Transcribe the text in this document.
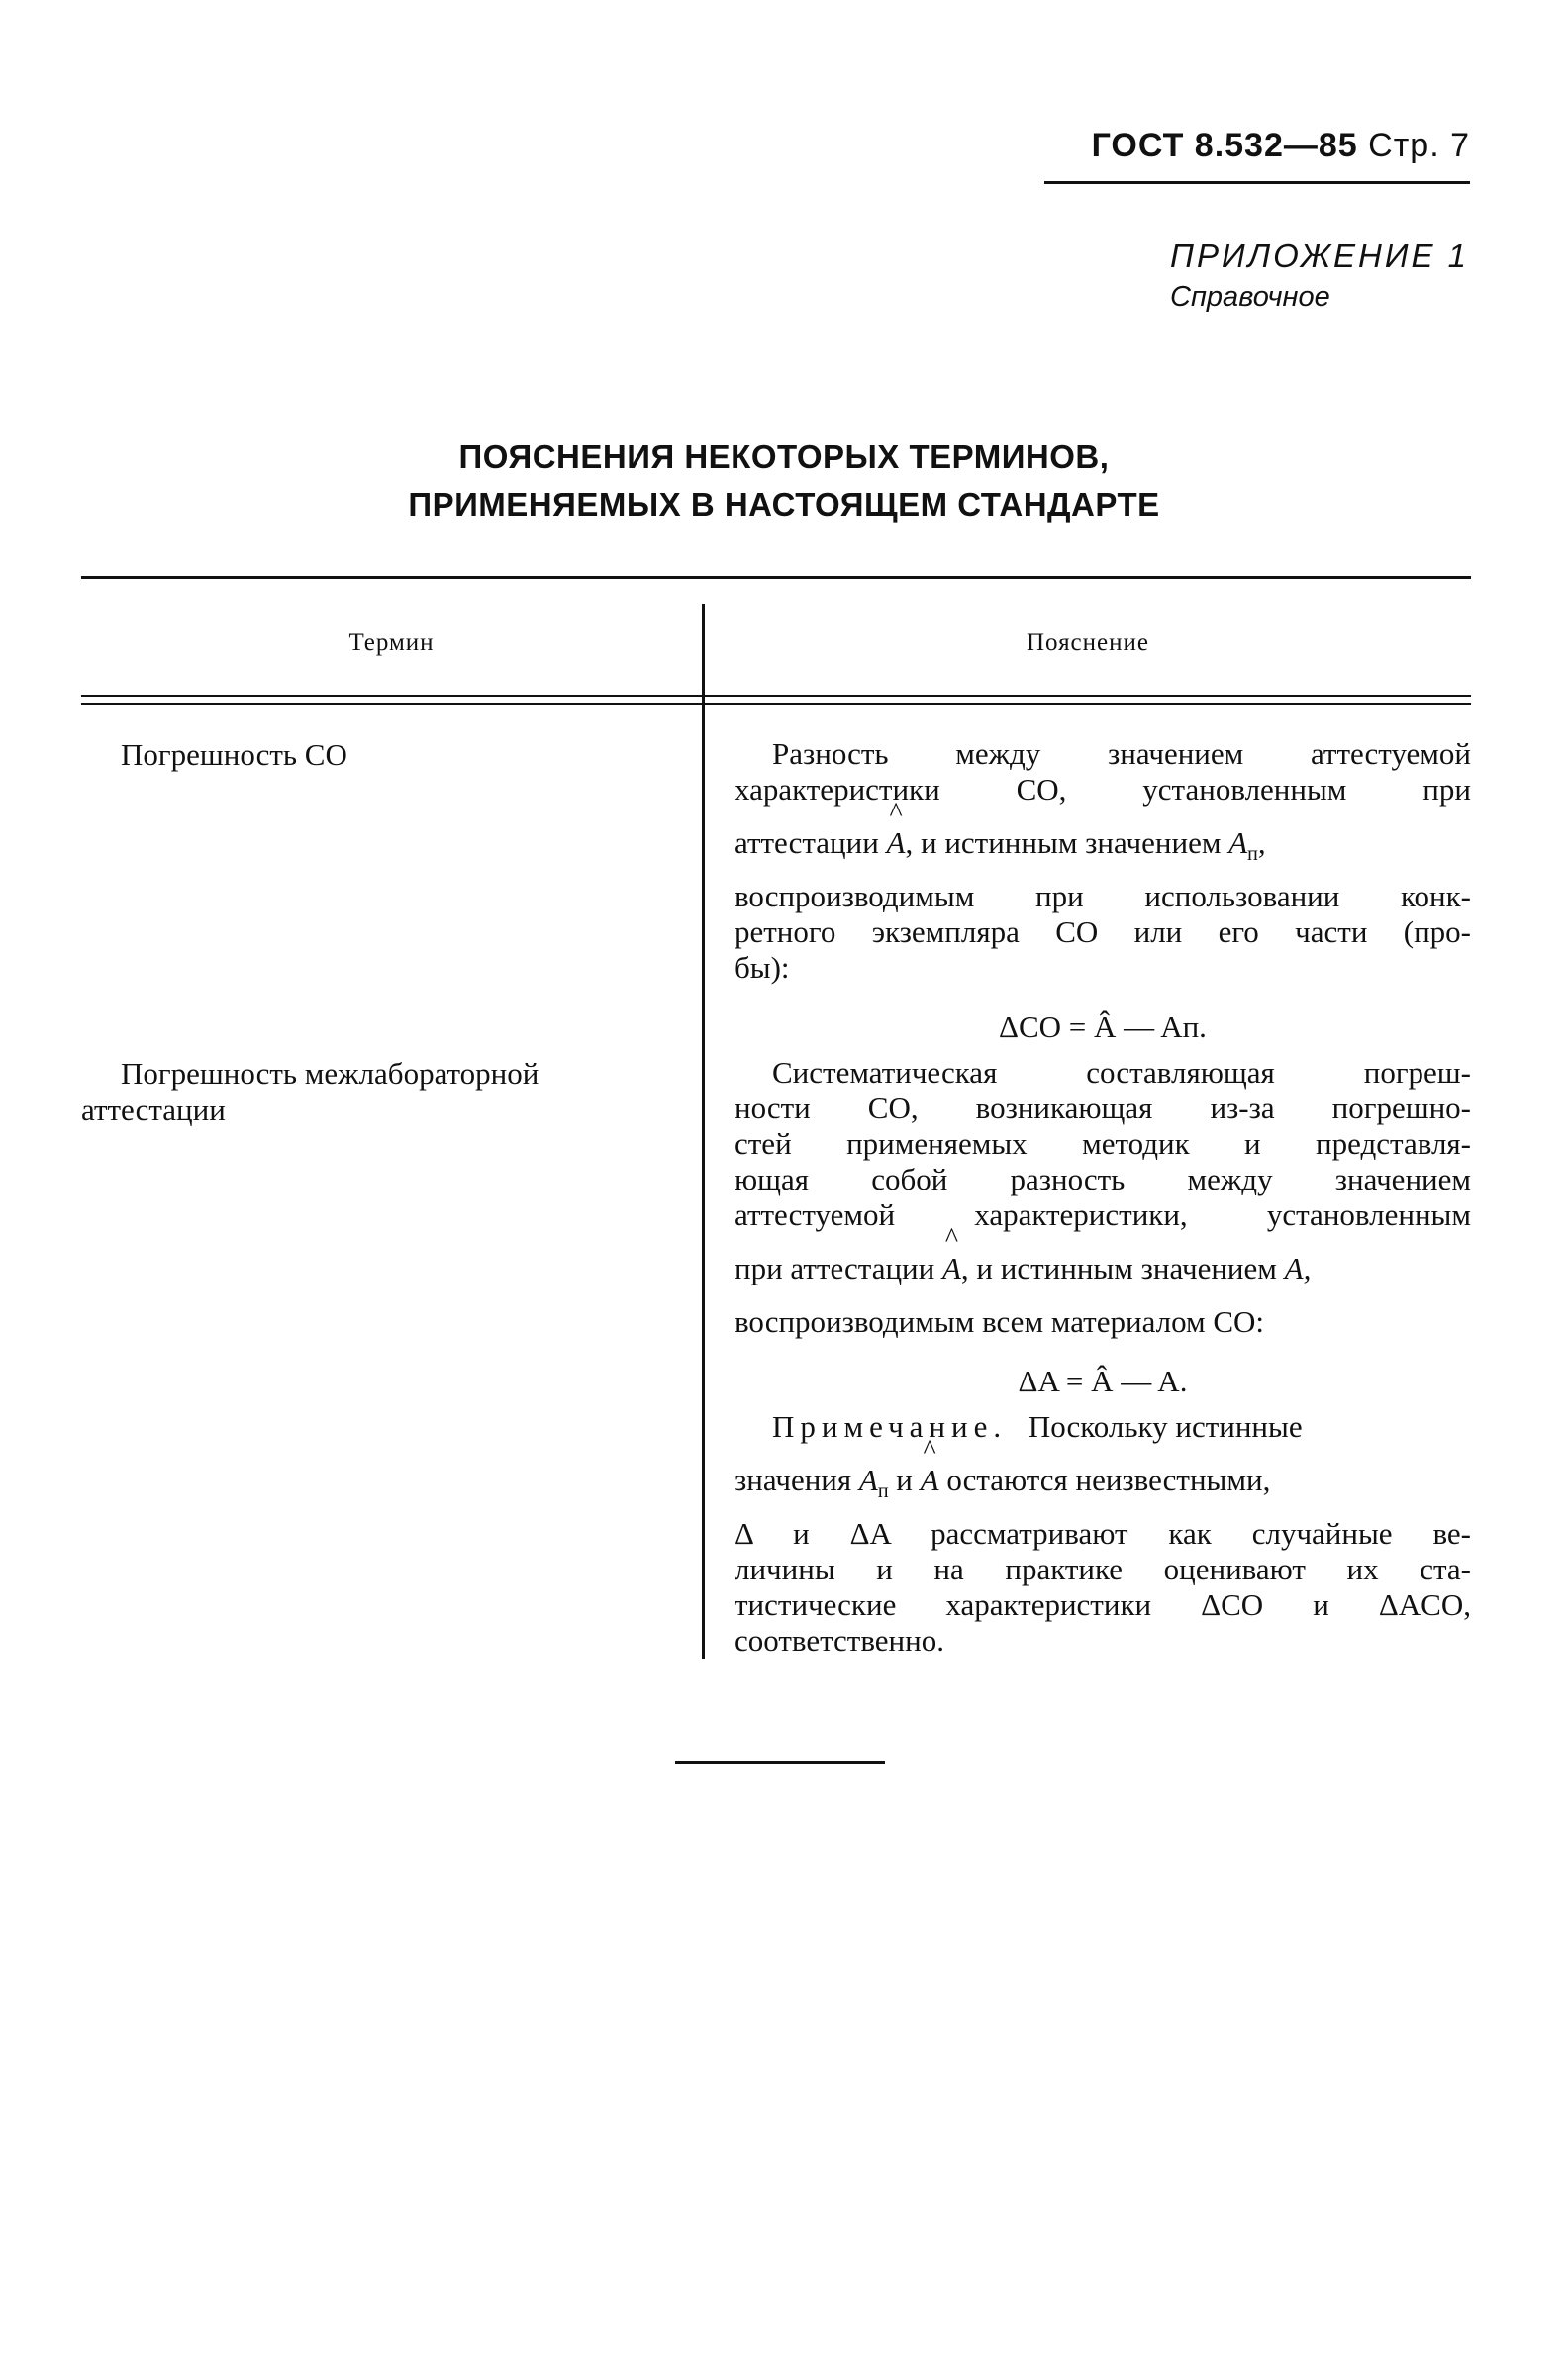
ГОСТ 8.532—85 Стр. 7
ПРИЛОЖЕНИЕ 1
Справочное
ПОЯСНЕНИЯ НЕКОТОРЫХ ТЕРМИНОВ,
ПРИМЕНЯЕМЫХ В НАСТОЯЩЕМ СТАНДАРТЕ
Термин	Пояснение
Погрешность СО	Разность между значением аттестуемой
характеристики СО, установленным при
аттестации
^
A, и истинным значением $A_п$,
воспроизводимым при использовании конк-
ретного экземпляра СО или его части (про-
бы):
ΔСО = Â — Aп.
Погрешность межлабораторной
аттестации
Систематическая составляющая погреш-
ности СО, возникающая из-за погрешно-
стей применяемых методик и представля-
ющая собой разность между значением
аттестуемой характеристики, установленным
при аттестации
^
A, и истинным значением A,
воспроизводимым всем материалом СО:
ΔA = Â — A.
Примечание. Поскольку истинные
значения $A_п$ и
^
A остаются неизвестными,
Δ и ΔA рассматривают как случайные ве-
личины и на практике оценивают их ста-
тистические характеристики ΔСО и ΔACO,
соответственно.
